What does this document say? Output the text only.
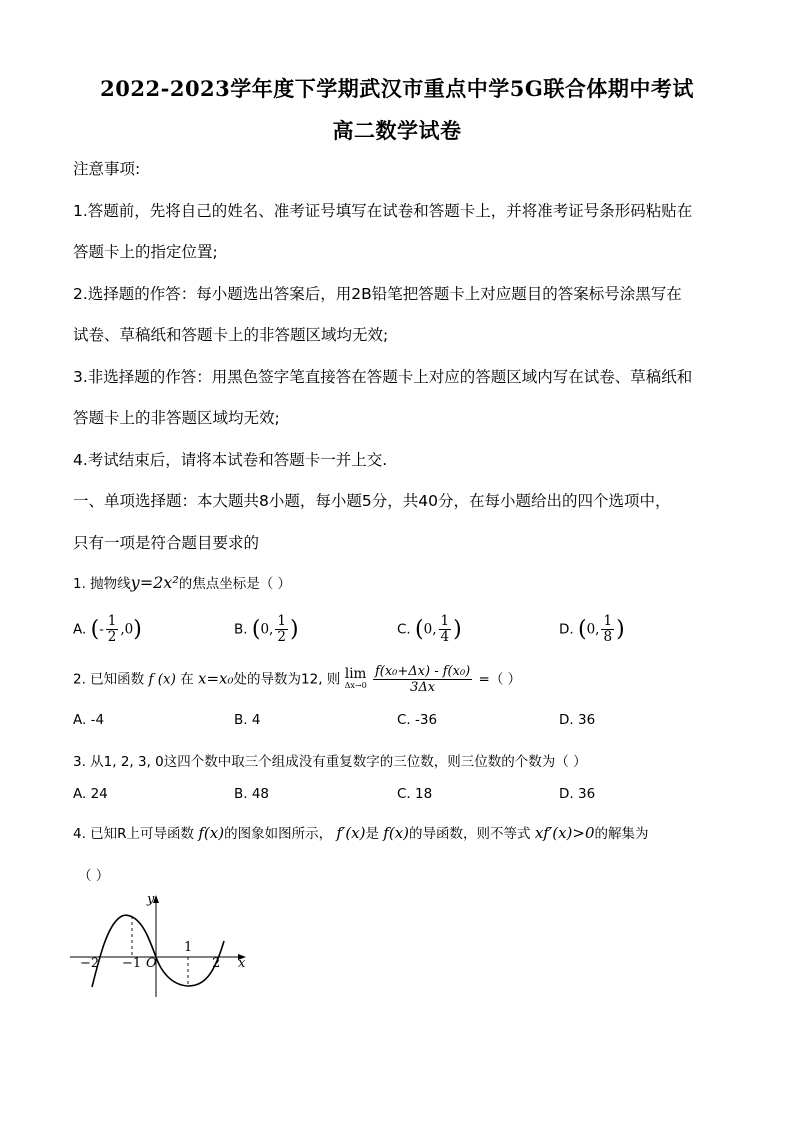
2022-2023学年度下学期武汉市重点中学5G联合体期中考试
高二数学试卷
注意事项:
1.答题前，先将自己的姓名、准考证号填写在试卷和答题卡上，并将准考证号条形码粘贴在
答题卡上的指定位置;
2.选择题的作答：每小题选出答案后，用2B铅笔把答题卡上对应题目的答案标号涂黑写在
试卷、草稿纸和答题卡上的非答题区域均无效;
3.非选择题的作答：用黑色签字笔直接答在答题卡上对应的答题区域内写在试卷、草稿纸和
答题卡上的非答题区域均无效;
4.考试结束后，请将本试卷和答题卡一并上交.
一、单项选择题：本大题共8小题，每小题5分，共40分，在每小题给出的四个选项中，
只有一项是符合题目要求的
1. 抛物线y=2x²的焦点坐标是（ ）
A. (- $\frac{1}{2} ,0$)	B. (0, $\frac{1}{2}$ )	C. (0, $\frac{1}{4}$ )	D. (0, $\frac{1}{8}$ )
2. 已知函数 f (x) 在 x=x₀处的导数为12, 则 lim
Δx→0
$\frac{\text{f(x₀+Δx) - f(x₀)}}{3\Delta x}$ =（ ）
A. -4	B. 4	C. -36	D. 36
3. 从1, 2, 3, 0这四个数中取三个组成没有重复数字的三位数，则三位数的个数为（ ）
A. 24	B. 48	C. 18	D. 36
4. 已知R上可导函数 f(x)的图象如图所示， f′(x)是 f(x)的导函数，则不等式 xf′(x)>0的解集为
（ ）
−2 −1 O
1
2 x
y
